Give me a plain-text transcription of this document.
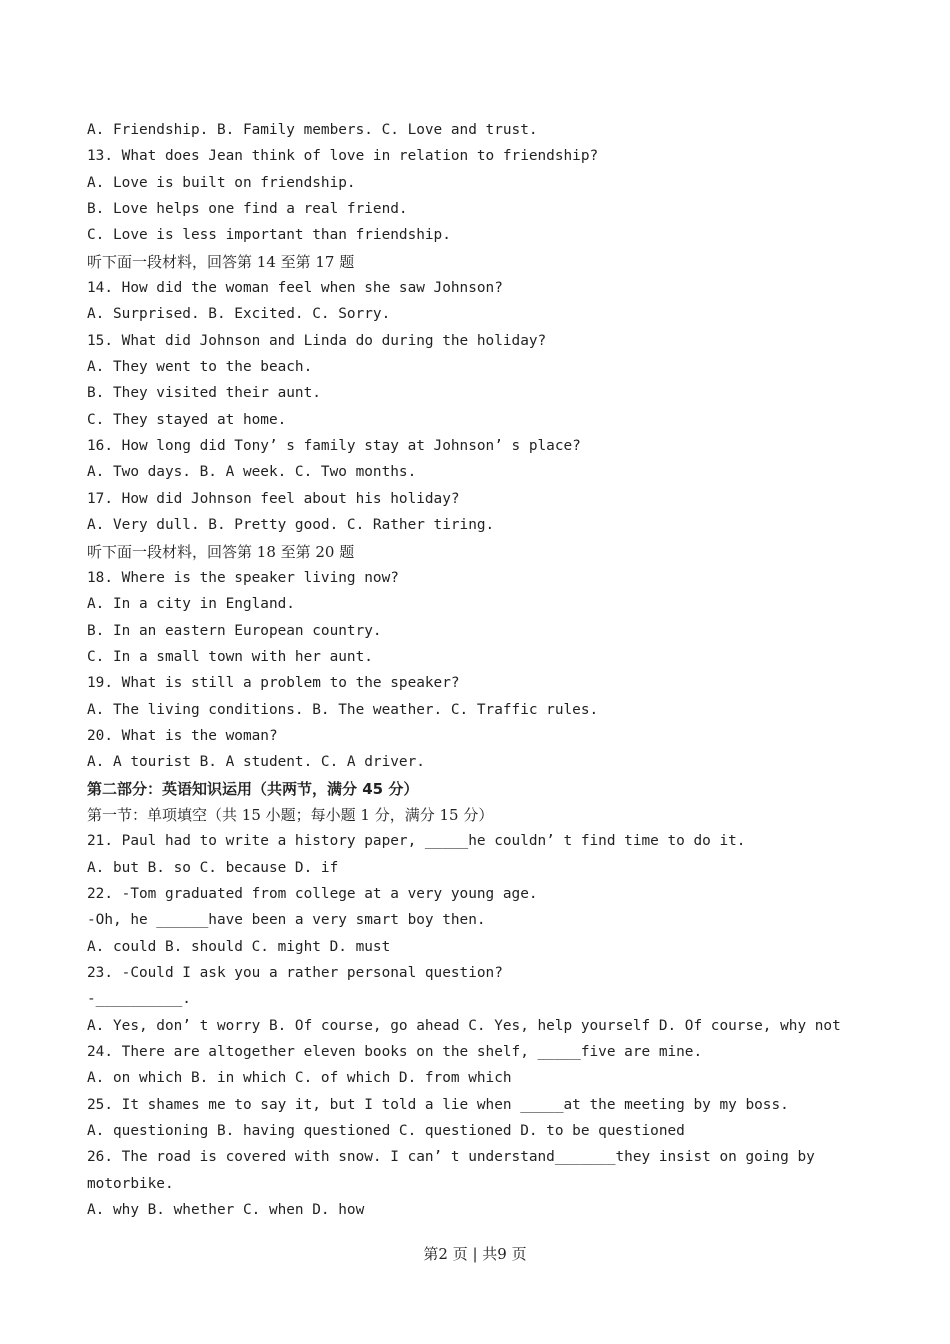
A. Friendship. B. Family members. C. Love and trust.
13. What does Jean think of love in relation to friendship?
A. Love is built on friendship.
B. Love helps one find a real friend.
C. Love is less important than friendship.
听下面一段材料，回答第 14 至第 17 题
14. How did the woman feel when she saw Johnson?
A. Surprised. B. Excited. C. Sorry.
15. What did Johnson and Linda do during the holiday?
A. They went to the beach.
B. They visited their aunt.
C. They stayed at home.
16. How long did Tony’ s family stay at Johnson’ s place?
A. Two days. B. A week. C. Two months.
17. How did Johnson feel about his holiday?
A. Very dull. B. Pretty good. C. Rather tiring.
听下面一段材料，回答第 18 至第 20 题
18. Where is the speaker living now?
A. In a city in England.
B. In an eastern European country.
C. In a small town with her aunt.
19. What is still a problem to the speaker?
A. The living conditions. B. The weather. C. Traffic rules.
20. What is the woman?
A. A tourist B. A student. C. A driver.
第二部分：英语知识运用（共两节，满分 45 分）
第一节：单项填空（共 15 小题；每小题 1 分，满分 15 分）
21. Paul had to write a history paper, _____he couldn’ t find time to do it.
A. but B. so C. because D. if
22. -Tom graduated from college at a very young age.
-Oh, he ______have been a very smart boy then.
A. could B. should C. might D. must
23. -Could I ask you a rather personal question?
-__________.
A. Yes, don’ t worry B. Of course, go ahead C. Yes, help yourself D. Of course, why not
24. There are altogether eleven books on the shelf, _____five are mine.
A. on which B. in which C. of which D. from which
25. It shames me to say it, but I told a lie when _____at the meeting by my boss.
A. questioning B. having questioned C. questioned D. to be questioned
26. The road is covered with snow. I can’ t understand_______they insist on going by
motorbike.
A. why B. whether C. when D. how
第2 页 | 共9 页
